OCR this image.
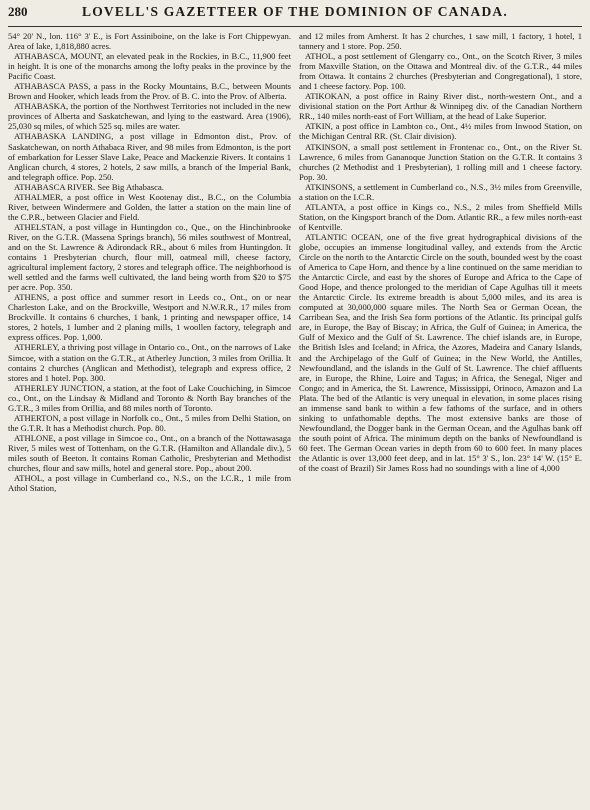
280	LOVELL'S GAZETTEER OF THE DOMINION OF CANADA.

54° 20' N., lon. 116° 3' E., is Fort Assiniboine, on the lake is Fort Chippewyan. Area of lake, 1,818,880 acres.

ATHABASCA, MOUNT, an elevated peak in the Rockies, in B.C., 11,900 feet in height. It is one of the monarchs among the lofty peaks in the province by the Pacific Coast.

ATHABASCA PASS, a pass in the Rocky Mountains, B.C., between Mounts Brown and Hooker, which leads from the Prov. of B. C. into the Prov. of Alberta.

ATHABASKA, the portion of the Northwest Territories not included in the new provinces of Alberta and Saskatchewan, and lying to the eastward. Area (1906), 25,030 sq miles, of which 525 sq. miles are water.

ATHABASKA LANDING, a post village in Edmonton dist., Prov. of Saskatchewan, on north Athabaca River, and 98 miles from Edmonton, is the port of embarkation for Lesser Slave Lake, Peace and Mackenzie Rivers. It contains 1 Anglican church, 4 stores, 2 hotels, 2 saw mills, a branch of the Imperial Bank, and telegraph office. Pop. 250.

ATHABASCA RIVER. See Big Athabasca.

ATHALMER, a post office in West Kootenay dist., B.C., on the Columbia River, between Windermere and Golden, the latter a station on the main line of the C.P.R., between Glacier and Field.

ATHELSTAN, a post village in Huntingdon co., Que., on the Hinchinbrooke River, on the G.T.R. (Massena Springs branch), 56 miles southwest of Montreal, and on the St. Lawrence & Adirondack RR., about 6 miles from Huntingdon. It contains 1 Presbyterian church, flour mill, oatmeal mill, cheese factory, agricultural implement factory, 2 stores and telegraph office. The neighborhood is well settled and the farms well cultivated, the land being worth from $20 to $75 per acre. Pop. 350.

ATHENS, a post office and summer resort in Leeds co., Ont., on or near Charleston Lake, and on the Brockville, Westport and N.W.R.R., 17 miles from Brockville. It contains 6 churches, 1 bank, 1 printing and newspaper office, 14 stores, 2 hotels, 1 lumber and 2 planing mills, 1 woollen factory, telegraph and express offices. Pop. 1,000.

ATHERLEY, a thriving post village in Ontario co., Ont., on the narrows of Lake Simcoe, with a station on the G.T.R., at Atherley Junction, 3 miles from Orillia. It contains 2 churches (Anglican and Methodist), telegraph and express office, 2 stores and 1 hotel. Pop. 300.

ATHERLEY JUNCTION, a station, at the foot of Lake Couchiching, in Simcoe co., Ont., on the Lindsay & Midland and Toronto & North Bay branches of the G.T.R., 3 miles from Orillia, and 88 miles north of Toronto.

ATHERTON, a post village in Norfolk co., Ont., 5 miles from Delhi Station, on the G.T.R. It has a Methodist church. Pop. 80.

ATHLONE, a post village in Simcoe co., Ont., on a branch of the Nottawasaga River, 5 miles west of Tottenham, on the G.T.R. (Hamilton and Allandale div.), 5 miles south of Beeton. It contains Roman Catholic, Presbyterian and Methodist churches, flour and saw mills, hotel and general store. Pop., about 200.

ATHOL, a post village in Cumberland co., N.S., on the I.C.R., 1 mile from Athol Station,

and 12 miles from Amherst. It has 2 churches, 1 saw mill, 1 factory, 1 hotel, 1 tannery and 1 store. Pop. 250.

ATHOL, a post settlement of Glengarry co., Ont., on the Scotch River, 3 miles from Maxville Station, on the Ottawa and Montreal div. of the G.T.R., 44 miles from Ottawa. It contains 2 churches (Presbyterian and Congregational), 1 store, and 1 cheese factory. Pop. 100.

ATIKOKAN, a post office in Rainy River dist., north-western Ont., and a divisional station on the Port Arthur & Winnipeg div. of the Canadian Northern RR., 140 miles north-east of Fort William, at the head of Lake Superior.

ATKIN, a post office in Lambton co., Ont., 4½ miles from Inwood Station, on the Michigan Central RR. (St. Clair division).

ATKINSON, a small post settlement in Frontenac co., Ont., on the River St. Lawrence, 6 miles from Gananoque Junction Station on the G.T.R. It contains 3 churches (2 Methodist and 1 Presbyterian), 1 rolling mill and 1 cheese factory. Pop. 30.

ATKINSONS, a settlement in Cumberland co., N.S., 3½ miles from Greenville, a station on the I.C.R.

ATLANTA, a post office in Kings co., N.S., 2 miles from Sheffield Mills Station, on the Kingsport branch of the Dom. Atlantic RR., a few miles north-east of Kentville.

ATLANTIC OCEAN, one of the five great hydrographical divisions of the globe, occupies an immense longitudinal valley, and extends from the Arctic Circle on the north to the Antarctic Circle on the south, bounded west by the coast of America to Cape Horn, and thence by a line continued on the same meridian to the Antarctic Circle, and east by the shores of Europe and Africa to the Cape of Good Hope, and thence prolonged to the meridian of Cape Agulhas till it meets the Antarctic Circle. Its extreme breadth is about 5,000 miles, and its area is computed at 30,000,000 square miles. The North Sea or German Ocean, the Carribean Sea, and the Irish Sea form portions of the Atlantic. Its principal gulfs are, in Europe, the Bay of Biscay; in Africa, the Gulf of Guinea; in America, the Gulf of Mexico and the Gulf of St. Lawrence. The chief islands are, in Europe, the British Isles and Iceland; in Africa, the Azores, Madeira and Canary Islands, and the Archipelago of the Gulf of Guinea; in the New World, the Antilles, Newfoundland, and the islands in the Gulf of St. Lawrence. The chief affluents are, in Europe, the Rhine, Loire and Tagus; in Africa, the Senegal, Niger and Congo; and in America, the St. Lawrence, Mississippi, Orinoco, Amazon and La Plata. The bed of the Atlantic is very unequal in elevation, in some places rising an immense sand bank to within a few fathoms of the surface, and in others sinking to unfathomable depths. The most extensive banks are those of Newfoundland, the Dogger bank in the German Ocean, and the Agulhas bank off the south point of Africa. The minimum depth on the banks of Newfoundland is 60 feet. The German Ocean varies in depth from 60 to 600 feet. In many places the Atlantic is over 13,000 feet deep, and in lat. 15° 3' S., lon. 23° 14' W. (15° E. of the coast of Brazil) Sir James Ross had no soundings with a line of 4,000
